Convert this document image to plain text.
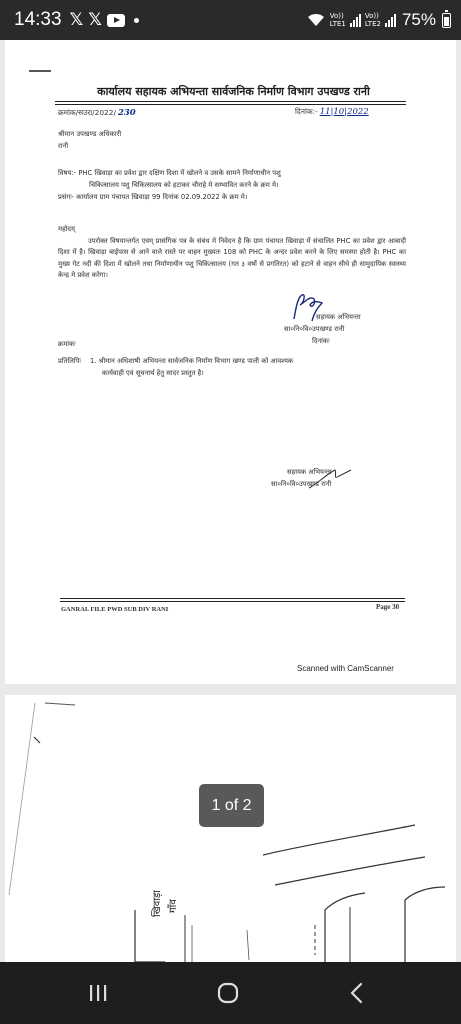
14:33 𝕏 𝕏	Vo))
LTE1
Vo))
LTE2 75%
कार्यालय सहायक अभियन्ता सार्वजनिक निर्माण विभाग उपखण्ड रानी
क्रमांक/सउरा/2022/ 230	दिनांक:- 11|10|2022
श्रीमान उपखण्ड अधिकारी
रानी
विषय:- PHC खिवाड़ा का प्रवेश द्वार दक्षिण दिशा में खोलने व उसके सामने निर्माणाधीन पशु
चिकित्सालय पशु चिकित्सालय को हटाकर चौराहे मे सम्भावित करने के क्रम मे।
प्रसंगः- कार्यालय ग्राम पंचायत खिवाड़ा 99 दिनांक 02.09.2022 के क्रम मे।
महोदय्
उपरोक्त विषयान्तर्गत एवम् प्रासंगिक पत्र के संबंध मे निवेदन है कि ग्राम पंचायत खिवाड़ा में संचालित PHC का प्रवेश द्वार आबादी दिशा में है। खिवाड़ा बाईपास से आने वाले रास्ते पर वाहन मुख्यतः 108 को PHC के अन्दर प्रवेश करने के लिए समस्या होती है। PHC का मुख्य गेट नदी की दिशा में खोलने तथा निर्माणाधीन पशु चिकित्सालय (गत ३ वर्षो से प्रगतिरत) को हटाने से वाहन सीधे ही सामुदायिक स्वास्थ्य केन्द्र मे प्रवेश करेगा।
सहायक अभियन्ता
सा०नि०वि०उपखण्ड रानी
दिनांकः
क्रमांकः
प्रतिलिपिः 1. श्रीमान अधिशाषी अभियन्ता सार्वजनिक निर्माण विभाग खण्ड पाली को आवश्यक
कार्यवाही एवं सूचनार्थ हेतु सादर प्रस्तुत है।
सहायक अभियन्ता
सा०नि०वि०उपखण्ड रानी
GANRAL FILE PWD SUB DIV RANI	Page 30
Scanned with CamScanner
खिवाड़ा गाँव
1 of 2
